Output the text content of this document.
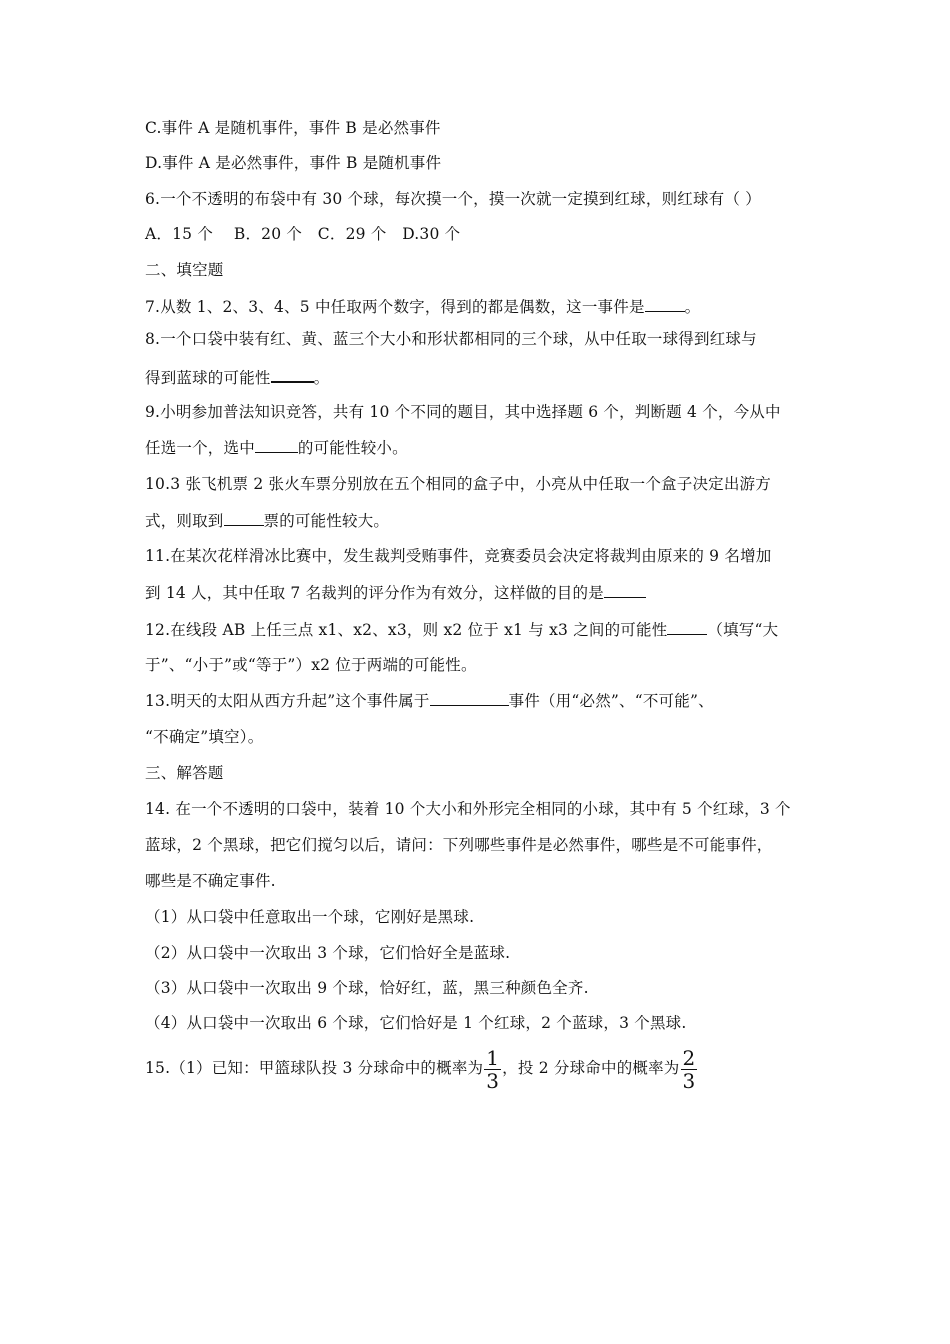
C.事件 A 是随机事件，事件 B 是必然事件
D.事件 A 是必然事件，事件 B 是随机事件
6.一个不透明的布袋中有 30 个球，每次摸一个，摸一次就一定摸到红球，则红球有（ ）
A．15 个　 B．20 个　C．29 个　D.30 个
二、填空题
7.从数 1、2、3、4、5 中任取两个数字，得到的都是偶数，这一事件是	。
8.一个口袋中装有红、黄、蓝三个大小和形状都相同的三个球，从中任取一球得到红球与
得到蓝球的可能性	。
9.小明参加普法知识竞答，共有 10 个不同的题目，其中选择题 6 个，判断题 4 个，今从中
任选一个，选中	的可能性较小。
10.3 张飞机票 2 张火车票分别放在五个相同的盒子中，小亮从中任取一个盒子决定出游方
式，则取到	票的可能性较大。
11.在某次花样滑冰比赛中，发生裁判受贿事件，竞赛委员会决定将裁判由原来的 9 名增加
到 14 人，其中任取 7 名裁判的评分作为有效分，这样做的目的是
12.在线段 AB 上任三点 x1、x2、x3，则 x2 位于 x1 与 x3 之间的可能性	（填写“大
于”、“小于”或“等于”）x2 位于两端的可能性。
13.明天的太阳从西方升起”这个事件属于	事件（用“必然”、“不可能”、
“不确定”填空）。
三、解答题
14. 在一个不透明的口袋中，装着 10 个大小和外形完全相同的小球，其中有 5 个红球，3 个
蓝球，2 个黑球，把它们搅匀以后，请问：下列哪些事件是必然事件，哪些是不可能事件，
哪些是不确定事件.
（1）从口袋中任意取出一个球，它刚好是黑球.
（2）从口袋中一次取出 3 个球，它们恰好全是蓝球.
（3）从口袋中一次取出 9 个球，恰好红，蓝，黑三种颜色全齐.
（4）从口袋中一次取出 6 个球，它们恰好是 1 个红球，2 个蓝球，3 个黑球.
15.（1）已知：甲篮球队投 3 分球命中的概率为 $\frac{1}{3}$ ，投 2 分球命中的概率为 $\frac{2}{3}$
